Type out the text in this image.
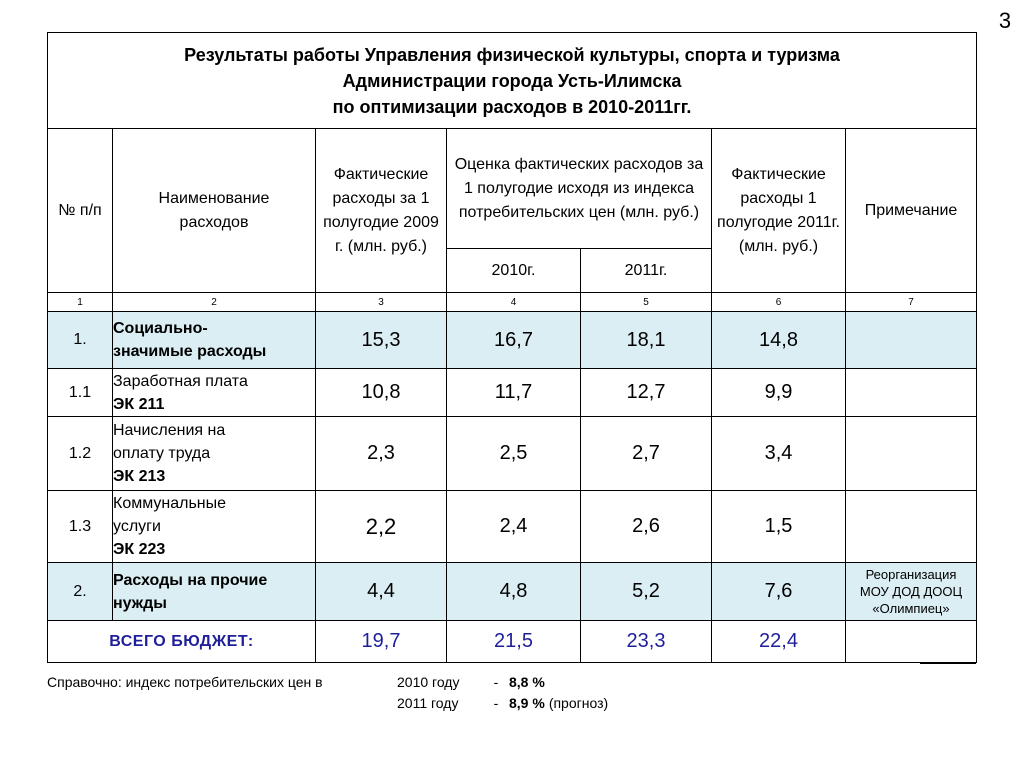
3
Результаты работы Управления физической культуры, спорта и туризма
Администрации города Усть-Илимска
по оптимизации расходов в 2010-2011гг.						

№ п/п	Наименование расходов	Фактические расходы за 1 полугодие 2009 г. (млн. руб.)	Оценка фактических расходов за 1 полугодие исходя из индекса потребительских цен (млн. руб.)		Фактические расходы 1 полугодие 2011г. (млн. руб.)	Примечание
			2010г.	2011г.		
1	2	3	4	5	6	7
1.	Социально-
значимые расходы	15,3	16,7	18,1	14,8	
1.1	Заработная плата
ЭК 211	10,8	11,7	12,7	9,9	
1.2	Начисления на
оплату труда
ЭК 213	2,3	2,5	2,7	3,4	
1.3	Коммунальные
услуги
ЭК 223	2,2	2,4	2,6	1,5	
2.	Расходы на прочие
нужды	4,4	4,8	5,2	7,6	Реорганизация
МОУ ДОД ДООЦ
«Олимпиец»

ВСЕГО БЮДЖЕТ:		19,7	21,5	23,3	22,4	
Справочно: индекс потребительских цен в	2010 году	- 8,8 %
2011 году	- 8,9 % (прогноз)
